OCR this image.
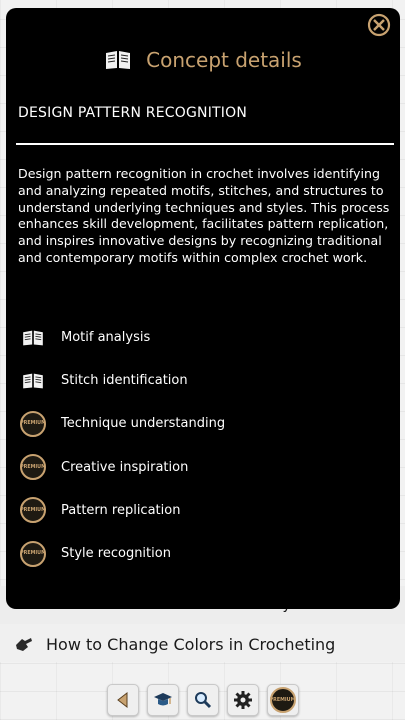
How to Change Colors in Crocheting
PREMIUM
Concept details
DESIGN PATTERN RECOGNITION
Design pattern recognition in crochet involves identifying and analyzing repeated motifs, stitches, and structures to understand underlying techniques and styles. This process enhances skill development, facilitates pattern replication, and inspires innovative designs by recognizing traditional and contemporary motifs within complex crochet work.
Motif analysis
Stitch identification
PREMIUM Technique understanding
PREMIUM Creative inspiration
PREMIUM Pattern replication
PREMIUM Style recognition
